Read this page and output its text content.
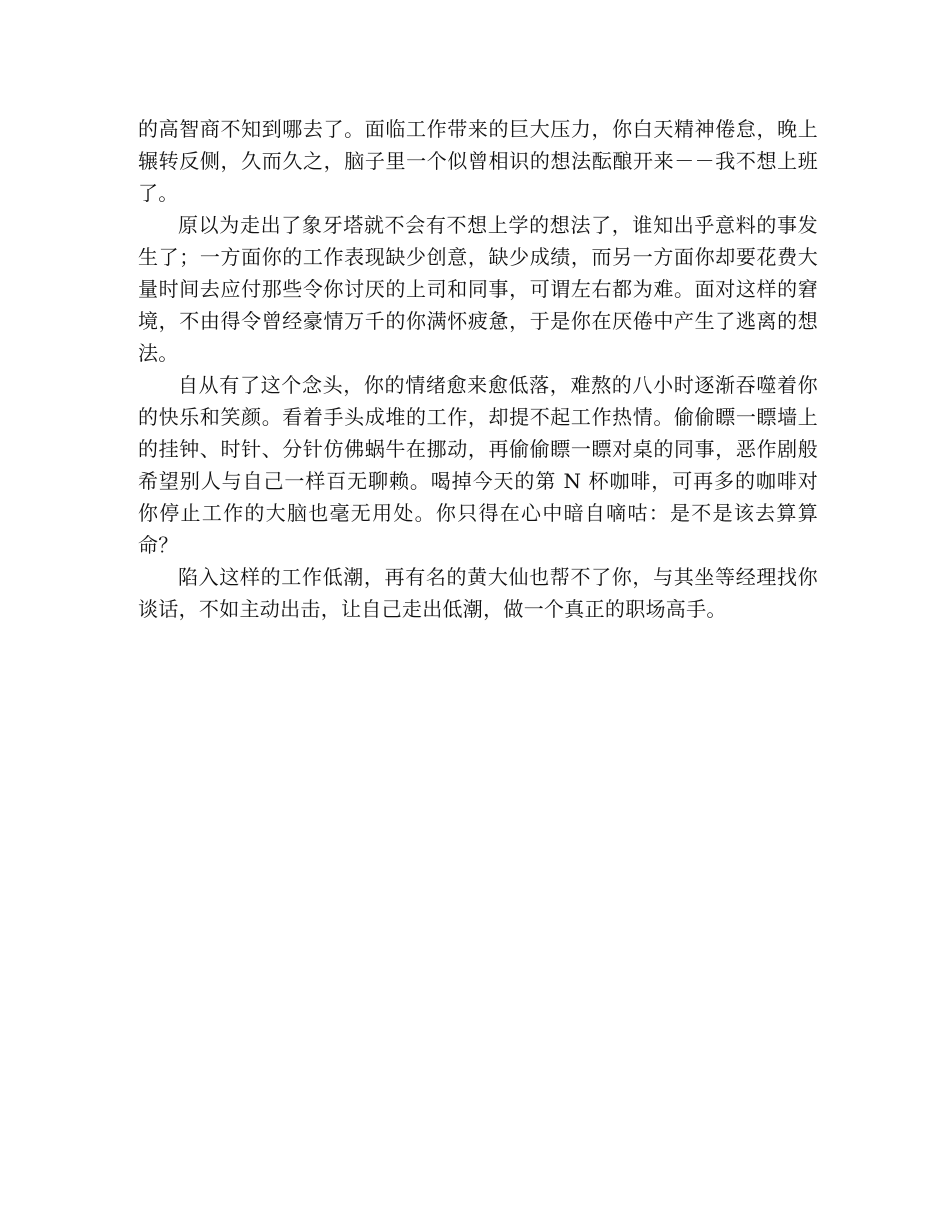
的高智商不知到哪去了。面临工作带来的巨大压力，你白天精神倦怠，晚上辗转反侧，久而久之，脑子里一个似曾相识的想法酝酿开来－－我不想上班了。

原以为走出了象牙塔就不会有不想上学的想法了，谁知出乎意料的事发生了；一方面你的工作表现缺少创意，缺少成绩，而另一方面你却要花费大量时间去应付那些令你讨厌的上司和同事，可谓左右都为难。面对这样的窘境，不由得令曾经豪情万千的你满怀疲惫，于是你在厌倦中产生了逃离的想法。

自从有了这个念头，你的情绪愈来愈低落，难熬的八小时逐渐吞噬着你的快乐和笑颜。看着手头成堆的工作，却提不起工作热情。偷偷瞟一瞟墙上的挂钟、时针、分针仿佛蜗牛在挪动，再偷偷瞟一瞟对桌的同事，恶作剧般希望别人与自己一样百无聊赖。喝掉今天的第 N 杯咖啡，可再多的咖啡对你停止工作的大脑也毫无用处。你只得在心中暗自嘀咕：是不是该去算算命？

陷入这样的工作低潮，再有名的黄大仙也帮不了你，与其坐等经理找你谈话，不如主动出击，让自己走出低潮，做一个真正的职场高手。
